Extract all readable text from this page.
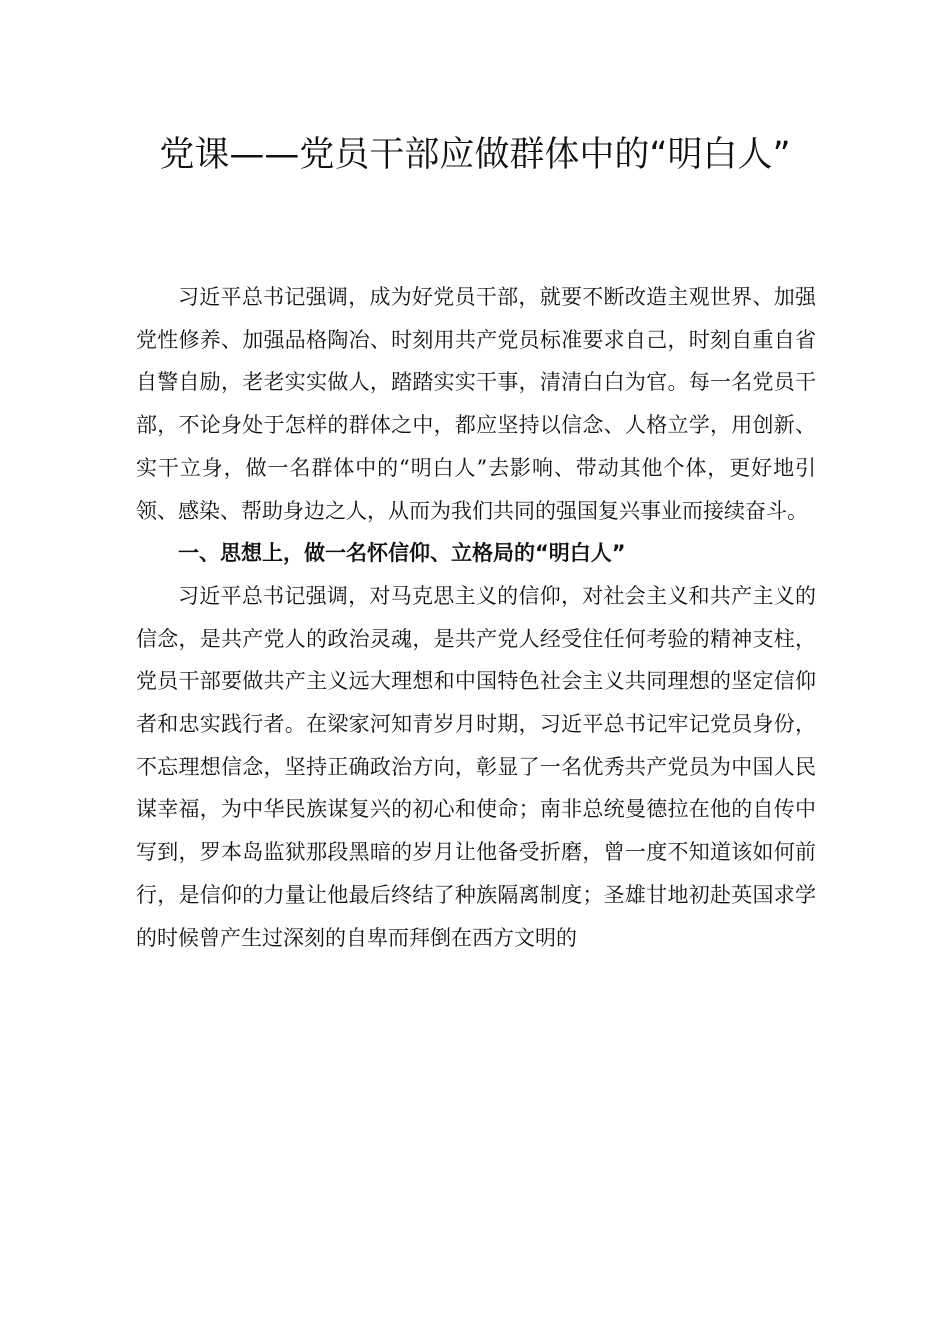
党课——党员干部应做群体中的“明白人”

习近平总书记强调，成为好党员干部，就要不断改造主观世界、加强党性修养、加强品格陶冶、时刻用共产党员标准要求自己，时刻自重自省自警自励，老老实实做人，踏踏实实干事，清清白白为官。每一名党员干部，不论身处于怎样的群体之中，都应坚持以信念、人格立学，用创新、实干立身，做一名群体中的“明白人”去影响、带动其他个体，更好地引领、感染、帮助身边之人，从而为我们共同的强国复兴事业而接续奋斗。

一、思想上，做一名怀信仰、立格局的“明白人”

习近平总书记强调，对马克思主义的信仰，对社会主义和共产主义的信念，是共产党人的政治灵魂，是共产党人经受住任何考验的精神支柱，党员干部要做共产主义远大理想和中国特色社会主义共同理想的坚定信仰者和忠实践行者。在梁家河知青岁月时期，习近平总书记牢记党员身份，不忘理想信念，坚持正确政治方向，彰显了一名优秀共产党员为中国人民谋幸福，为中华民族谋复兴的初心和使命；南非总统曼德拉在他的自传中写到，罗本岛监狱那段黑暗的岁月让他备受折磨，曾一度不知道该如何前行，是信仰的力量让他最后终结了种族隔离制度；圣雄甘地初赴英国求学的时候曾产生过深刻的自卑而拜倒在西方文明的
